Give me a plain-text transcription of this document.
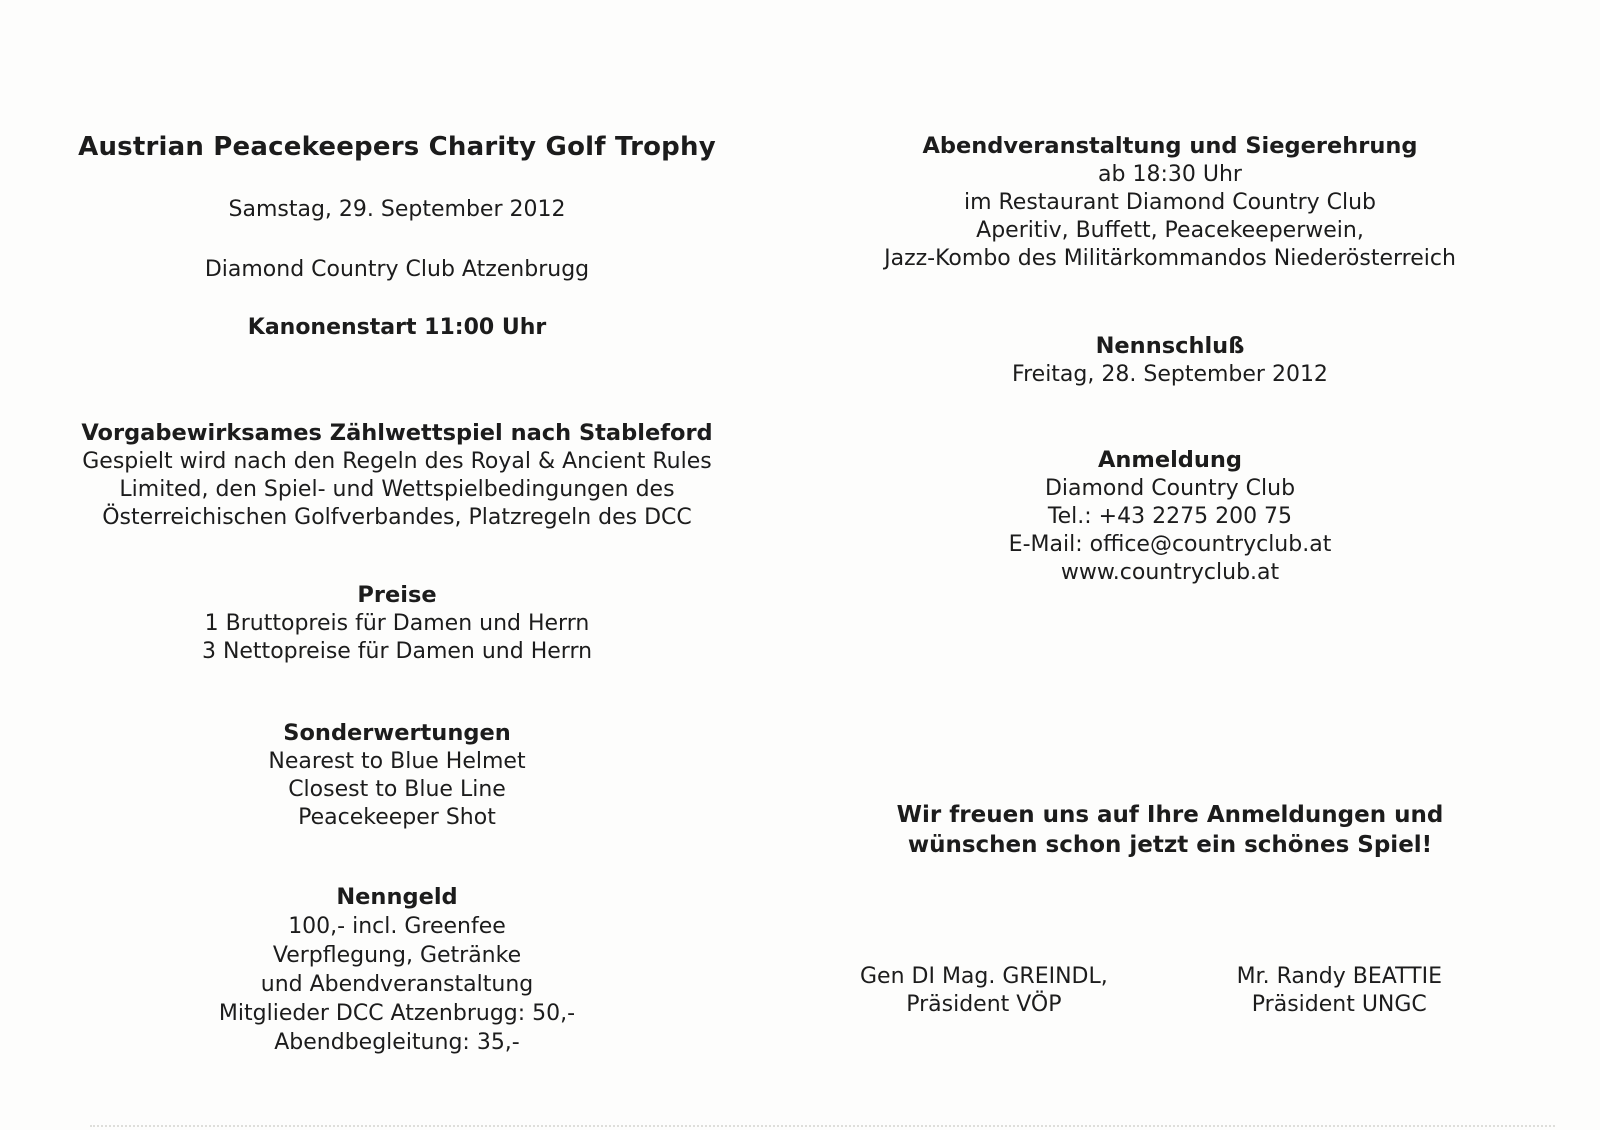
Austrian Peacekeepers Charity Golf Trophy
Samstag, 29. September 2012
Diamond Country Club Atzenbrugg
Kanonenstart 11:00 Uhr
Vorgabewirksames Zählwettspiel nach Stableford
Gespielt wird nach den Regeln des Royal & Ancient Rules
Limited, den Spiel- und Wettspielbedingungen des
Österreichischen Golfverbandes, Platzregeln des DCC
Preise
1 Bruttopreis für Damen und Herrn
3 Nettopreise für Damen und Herrn
Sonderwertungen
Nearest to Blue Helmet
Closest to Blue Line
Peacekeeper Shot
Nenngeld
100,- incl. Greenfee
Verpflegung, Getränke
und Abendveranstaltung
Mitglieder DCC Atzenbrugg: 50,-
Abendbegleitung: 35,-
Abendveranstaltung und Siegerehrung
ab 18:30 Uhr
im Restaurant Diamond Country Club
Aperitiv, Buffett, Peacekeeperwein,
Jazz-Kombo des Militärkommandos Niederösterreich
Nennschluß
Freitag, 28. September 2012
Anmeldung
Diamond Country Club
Tel.: +43 2275 200 75
E-Mail: office@countryclub.at
www.countryclub.at
Wir freuen uns auf Ihre Anmeldungen und
wünschen schon jetzt ein schönes Spiel!
Gen DI Mag. GREINDL,
Präsident VÖP
Mr. Randy BEATTIE
Präsident UNGC
